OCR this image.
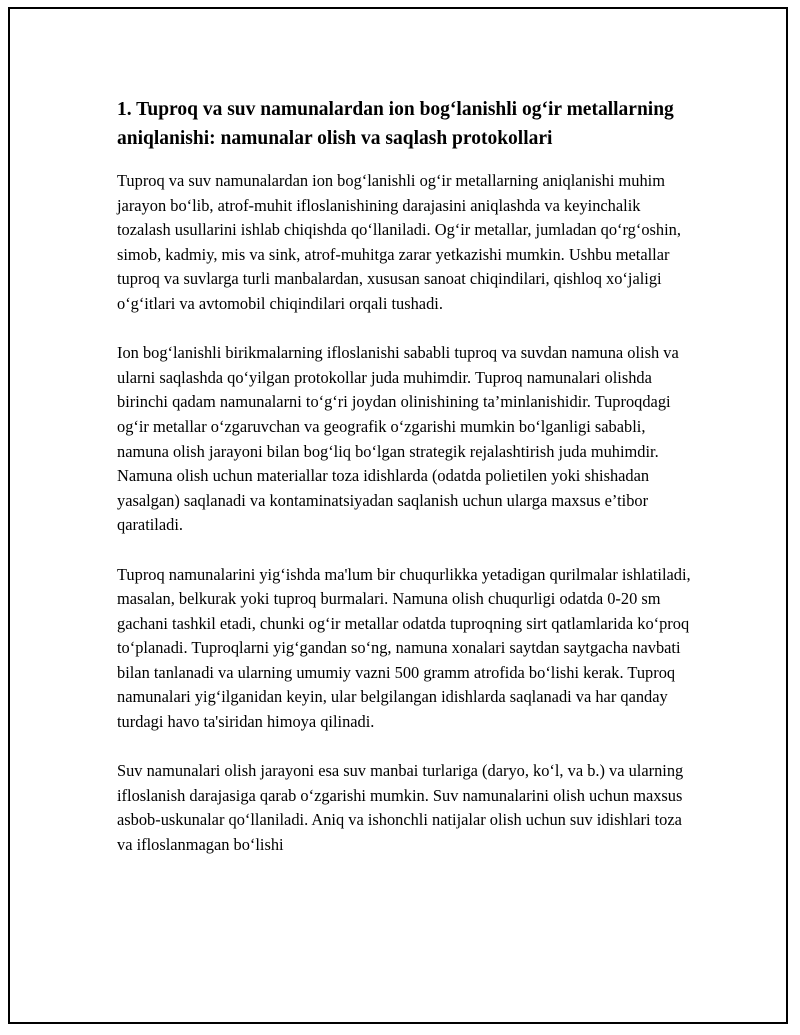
1. Tuproq va suv namunalardan ion bog‘lanishli og‘ir metallarning aniqlanishi: namunalar olish va saqlash protokollari

Tuproq va suv namunalardan ion bog‘lanishli og‘ir metallarning aniqlanishi muhim jarayon bo‘lib, atrof-muhit ifloslanishining darajasini aniqlashda va keyinchalik tozalash usullarini ishlab chiqishda qo‘llaniladi. Og‘ir metallar, jumladan qo‘rg‘oshin, simob, kadmiy, mis va sink, atrof-muhitga zarar yetkazishi mumkin. Ushbu metallar tuproq va suvlarga turli manbalardan, xususan sanoat chiqindilari, qishloq xo‘jaligi o‘g‘itlari va avtomobil chiqindilari orqali tushadi.

Ion bog‘lanishli birikmalarning ifloslanishi sababli tuproq va suvdan namuna olish va ularni saqlashda qo‘yilgan protokollar juda muhimdir. Tuproq namunalari olishda birinchi qadam namunalarni to‘g‘ri joydan olinishining ta’minlanishidir. Tuproqdagi og‘ir metallar o‘zgaruvchan va geografik o‘zgarishi mumkin bo‘lganligi sababli, namuna olish jarayoni bilan bog‘liq bo‘lgan strategik rejalashtirish juda muhimdir. Namuna olish uchun materiallar toza idishlarda (odatda polietilen yoki shishadan yasalgan) saqlanadi va kontaminatsiyadan saqlanish uchun ularga maxsus e’tibor qaratiladi.

Tuproq namunalarini yig‘ishda ma'lum bir chuqurlikka yetadigan qurilmalar ishlatiladi, masalan, belkurak yoki tuproq burmalari. Namuna olish chuqurligi odatda 0-20 sm gachani tashkil etadi, chunki og‘ir metallar odatda tuproqning sirt qatlamlarida ko‘proq to‘planadi. Tuproqlarni yig‘gandan so‘ng, namuna xonalari saytdan saytgacha navbati bilan tanlanadi va ularning umumiy vazni 500 gramm atrofida bo‘lishi kerak. Tuproq namunalari yig‘ilganidan keyin, ular belgilangan idishlarda saqlanadi va har qanday turdagi havo ta'siridan himoya qilinadi.

Suv namunalari olish jarayoni esa suv manbai turlariga (daryo, ko‘l, va b.) va ularning ifloslanish darajasiga qarab o‘zgarishi mumkin. Suv namunalarini olish uchun maxsus asbob-uskunalar qo‘llaniladi. Aniq va ishonchli natijalar olish uchun suv idishlari toza va ifloslanmagan bo‘lishi
